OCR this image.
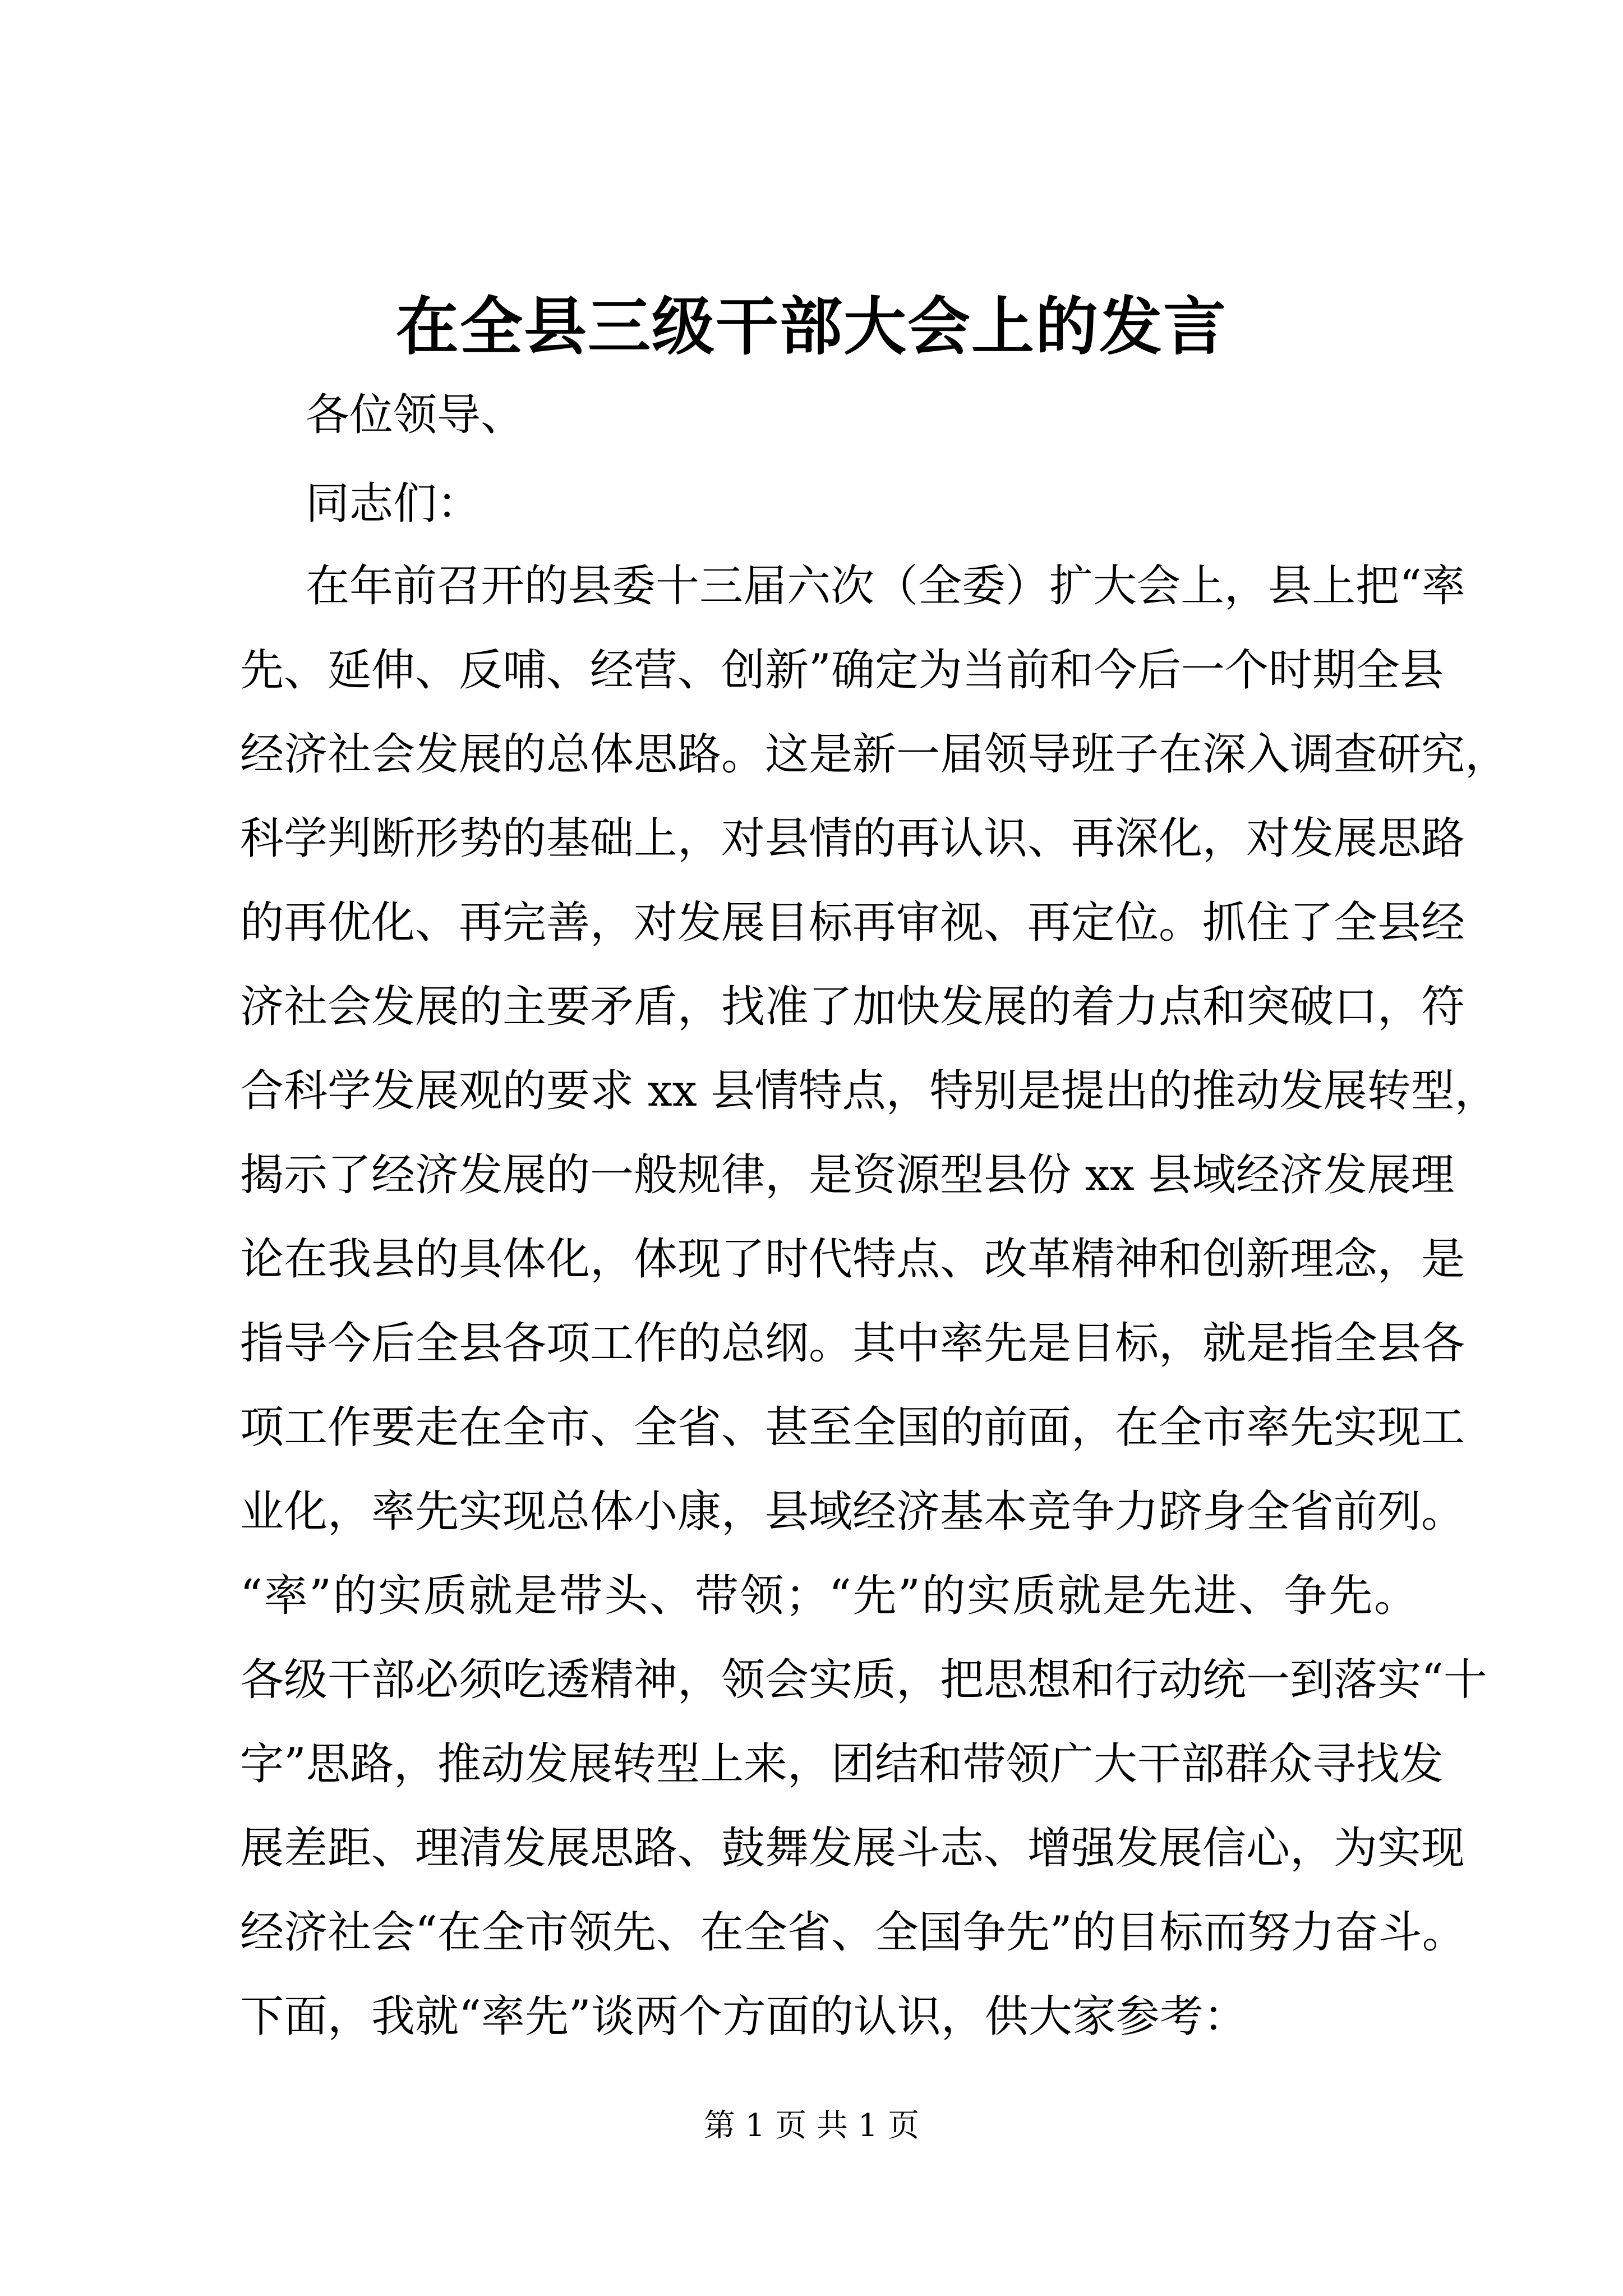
在全县三级干部大会上的发言

各位领导、

同志们：

在年前召开的县委十三届六次（全委）扩大会上，县上把“率

先、延伸、反哺、经营、创新”确定为当前和今后一个时期全县

经济社会发展的总体思路。这是新一届领导班子在深入调查研究，

科学判断形势的基础上，对县情的再认识、再深化，对发展思路

的再优化、再完善，对发展目标再审视、再定位。抓住了全县经

济社会发展的主要矛盾，找准了加快发展的着力点和突破口，符

合科学发展观的要求 xx 县情特点，特别是提出的推动发展转型，

揭示了经济发展的一般规律，是资源型县份 xx 县域经济发展理

论在我县的具体化，体现了时代特点、改革精神和创新理念，是

指导今后全县各项工作的总纲。其中率先是目标，就是指全县各

项工作要走在全市、全省、甚至全国的前面，在全市率先实现工

业化，率先实现总体小康，县域经济基本竞争力跻身全省前列。

“率”的实质就是带头、带领；“先”的实质就是先进、争先。

各级干部必须吃透精神，领会实质，把思想和行动统一到落实“十

字”思路，推动发展转型上来，团结和带领广大干部群众寻找发

展差距、理清发展思路、鼓舞发展斗志、增强发展信心，为实现

经济社会“在全市领先、在全省、全国争先”的目标而努力奋斗。

下面，我就“率先”谈两个方面的认识，供大家参考：

第 1 页 共 1 页
